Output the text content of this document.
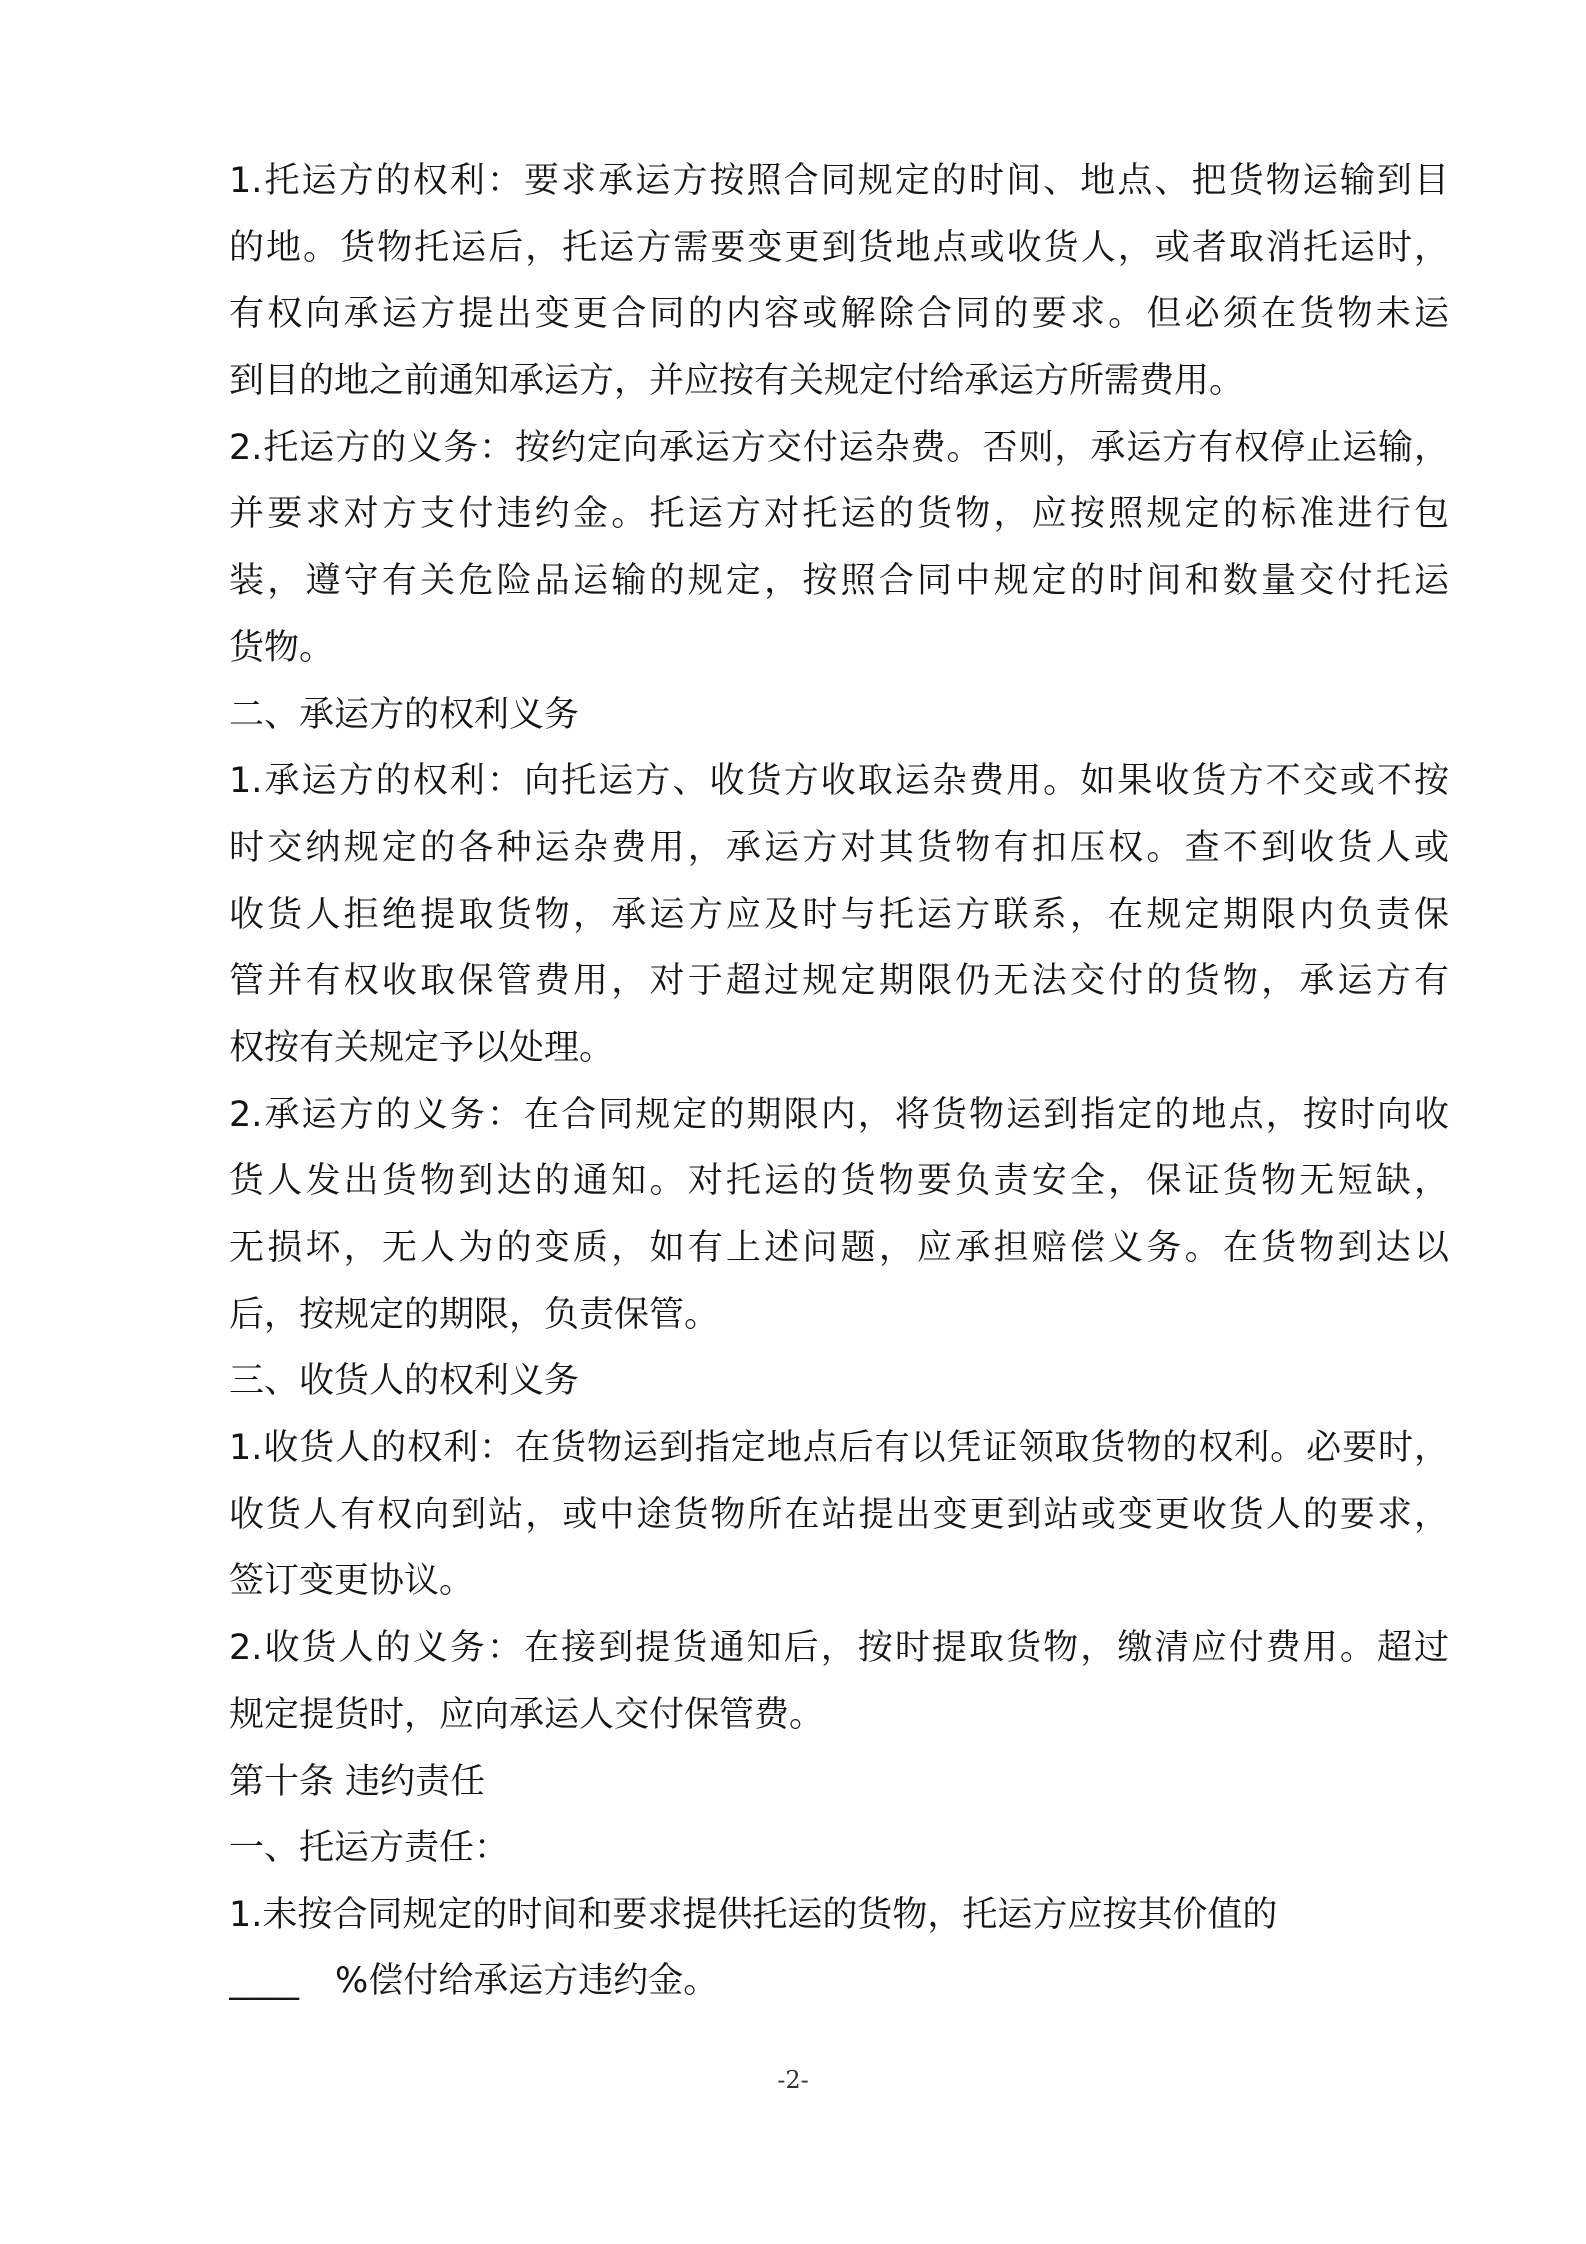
1.托运方的权利：要求承运方按照合同规定的时间、地点、把货物运输到目
的地。货物托运后，托运方需要变更到货地点或收货人，或者取消托运时，
有权向承运方提出变更合同的内容或解除合同的要求。但必须在货物未运
到目的地之前通知承运方，并应按有关规定付给承运方所需费用。
2.托运方的义务：按约定向承运方交付运杂费。否则，承运方有权停止运输，
并要求对方支付违约金。托运方对托运的货物，应按照规定的标准进行包
装，遵守有关危险品运输的规定，按照合同中规定的时间和数量交付托运
货物。
二、承运方的权利义务
1.承运方的权利：向托运方、收货方收取运杂费用。如果收货方不交或不按
时交纳规定的各种运杂费用，承运方对其货物有扣压权。查不到收货人或
收货人拒绝提取货物，承运方应及时与托运方联系，在规定期限内负责保
管并有权收取保管费用，对于超过规定期限仍无法交付的货物，承运方有
权按有关规定予以处理。
2.承运方的义务：在合同规定的期限内，将货物运到指定的地点，按时向收
货人发出货物到达的通知。对托运的货物要负责安全，保证货物无短缺，
无损坏，无人为的变质，如有上述问题，应承担赔偿义务。在货物到达以
后，按规定的期限，负责保管。
三、收货人的权利义务
1.收货人的权利：在货物运到指定地点后有以凭证领取货物的权利。必要时，
收货人有权向到站，或中途货物所在站提出变更到站或变更收货人的要求，
签订变更协议。
2.收货人的义务：在接到提货通知后，按时提取货物，缴清应付费用。超过
规定提货时，应向承运人交付保管费。
第十条 违约责任
一、托运方责任：
1.未按合同规定的时间和要求提供托运的货物，托运方应按其价值的
____ %偿付给承运方违约金。
-2-
